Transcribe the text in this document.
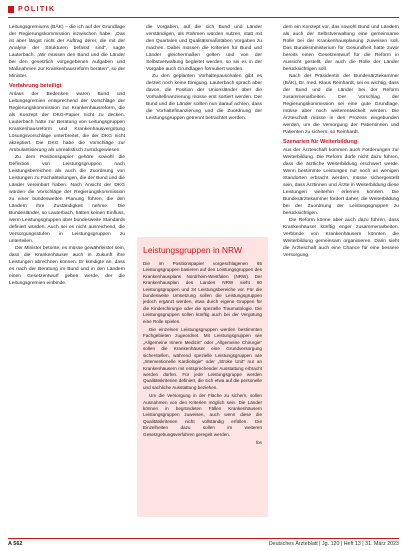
POLITIK

Leitungsgremiums (BÄK) – die ich auf der Grundlage der Regierungskommission inzwischen habe. „Das ist aber längst nicht der Auftrag derer, die mit der Analyse der Strukturen befasst sind“, sagte Lauterbach. „Wir müssen den Bund und die Länder bei den gesetzlich vorgegebenen Aufgaben und Maßnahmen zur Krankenhausreform beraten“, so der Minister.

Verfahrung beteiligt

Anlass der Bedenken waren Bund und Leitungsgremien entsprechend der Vorschläge der Regierungskommission zur Krankenhausreform, die als Konzept der DKG-Papier nicht zu decken. Lauterbach hatte zur Beratung von Leitungsgruppen Krankenhausreform und Krankenhausvergütung Lösungsvorschläge unterbreitet, die der DKG nicht akzeptiert. Die DKG habe die Vorschläge zur Ambulantisierung als unrealistisch zurückgewiesen.

Zu dem Positionspapier gehöre sowohl die Definition von Leistungsgruppen nach Leistungsbereichen als auch die Zuordnung von Leistungen zu Fachabteilungen, die der Bund und die Länder vereinbart haben. Nach Ansicht der DKG würden die Vorschläge der Regierungskommission zu einer bundesweiten Planung führen, die den Ländern ihre Zuständigkeit nehme. Die Bundesländer, so Lauterbach, hätten keinen Einfluss, wenn Leistungsgruppen über bundesweite Standards definiert würden. Auch sei es nicht ausreichend, die Versorgungsstufen in Leistungsgruppen zu unterteilen.

Der Minister betonte, es müsse gewährleistet sein, dass die Krankenhäuser auch in Zukunft ihre Leistungen abrechnen können. Er kündigte an, dass es nach der Beratung im Bund und in den Ländern einen Gesetzentwurf geben werde, der die Leitungsgremien einbinde.

die Vorgaben, auf die sich Bund und Länder verständigen, als Rahmen würden nutzen, statt mit den Quartalen und Qualitätsmaßstäben Vorgaben zu machen. Dabei müssen die Kriterien für Bund und Länder gleichermaßen gelten und von der Selbstverwaltung begleitet werden, so sei es in der Vorgabe auch Grundlagen formuliert worden.

Zu den geplanten Vorhaltepauschalen gibt es derzeit noch keine Einigung. Lauterbach sprach aber davon, die Position der Unionsländer über die Vorhaltefinanzierung müsse erst sortiert werden. Der Bund und die Länder sollten nun darauf achten, dass die Vorhaltefinanzierung und die Zuordnung der Leistungsgruppen getrennt betrachtet werden.

Leistungsgruppen in NRW

Die im Positionspapier vorgeschlagenen 65 Leistungsgruppen basieren auf den Leistungsgruppen des Krankenhausplans Nordrhein-Westfalen (NRW). Der Krankenhausplan des Landes NRW sieht 60 Leistungsgruppen und 34 Leistungsbereiche vor. Für die bundesweite Umsetzung sollen die Leistungsgruppen jedoch ergänzt werden, etwa durch eigene Gruppen für die Kinderchirurgie oder die spezielle Traumatologie. Die Leistungsgruppen sollen künftig auch bei der Vergütung eine Rolle spielen.

Die einzelnen Leistungsgruppen werden bestimmten Fachgebieten zugeordnet. Mit Leistungsgruppen wie „Allgemeine Innere Medizin“ oder „Allgemeine Chirurgie“ sollen die Krankenhäuser eine Grundversorgung sicherstellen, während spezielle Leistungsgruppen wie „Interventionelle Kardiologie“ oder „Stroke Unit“ nur an Krankenhäusern mit entsprechender Ausstattung erbracht werden dürfen. Für jede Leistungsgruppe werden Qualitätskriterien definiert, die sich etwa auf die personelle und sachliche Ausstattung beziehen.

Um die Versorgung in der Fläche zu sichern, sollen Ausnahmen von den Kriterien möglich sein. Die Länder können in begründeten Fällen Krankenhäusern Leistungsgruppen zuweisen, auch wenn diese die Qualitätskriterien nicht vollständig erfüllen. Die Einzelheiten dazu sollen im weiteren Gesetzgebungsverfahren geregelt werden.

fos

dem ein Konzept vor, das sowohl Bund und Ländern als auch der Selbstverwaltung eine gemeinsame Rolle bei der Krankenhausplanung zuweisen soll. Das Bundesministerium für Gesundheit hatte zuvor bereits einen Gesetzentwurf für die Reform in Aussicht gestellt, der auch die Rolle der Länder berücksichtigen soll.

Nach der Präsidentin der Bundesärztekammer (BÄK), Dr. med. Klaus Reinhardt, sei es wichtig, dass der Bund und die Länder bei der Reform zusammenarbeiten. Der Vorschlag der Regierungskommission sei eine gute Grundlage, müsse aber noch weiterentwickelt werden. Die Ärzteschaft müsse in den Prozess eingebunden werden, um die Versorgung der Patientinnen und Patienten zu sichern, so Reinhardt.

Szenarien für Weiterbildung

Aus der Ärzteschaft kommen auch Forderungen zur Weiterbildung. Die Reform dürfe nicht dazu führen, dass die ärztliche Weiterbildung erschwert werde. Wenn bestimmte Leistungen nur noch an wenigen Standorten erbracht werden, müsse sichergestellt sein, dass Ärztinnen und Ärzte in Weiterbildung diese Leistungen weiterhin erlernen können. Die Bundesärztekammer fordert daher, die Weiterbildung bei der Zuordnung der Leistungsgruppen zu berücksichtigen.

Die Reform könne aber auch dazu führen, dass Krankenhäuser künftig enger zusammenarbeiten. Verbünde von Krankenhäusern könnten die Weiterbildung gemeinsam organisieren. Darin sieht die Ärzteschaft auch eine Chance für eine bessere Versorgung.

A 562	Deutsches Ärzteblatt | Jg. 120 | Heft 13 | 31. März 2023
